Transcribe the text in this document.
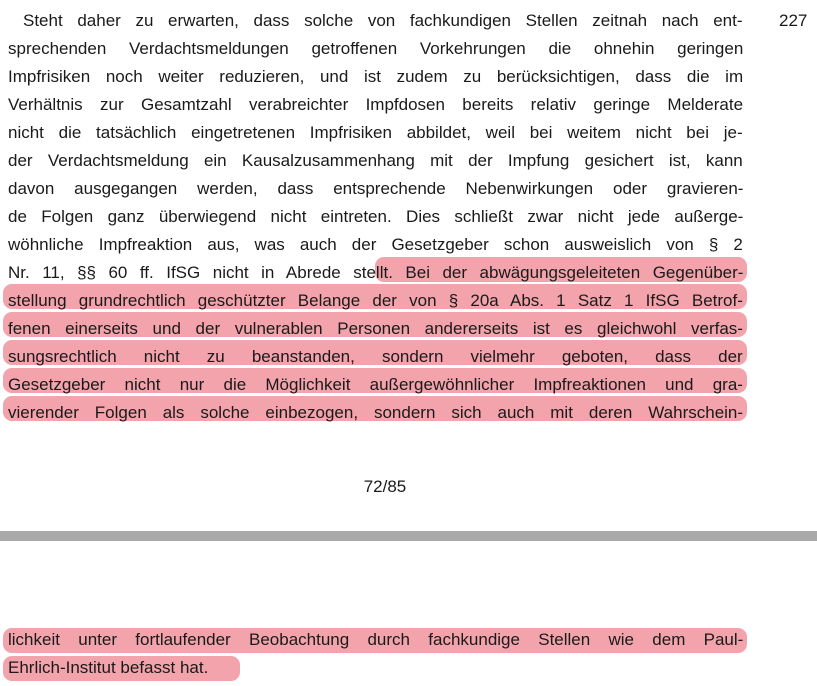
227
Steht daher zu erwarten, dass solche von fachkundigen Stellen zeitnah nach ent-
sprechenden Verdachtsmeldungen getroffenen Vorkehrungen die ohnehin geringen
Impfrisiken noch weiter reduzieren, und ist zudem zu berücksichtigen, dass die im
Verhältnis zur Gesamtzahl verabreichter Impfdosen bereits relativ geringe Melderate
nicht die tatsächlich eingetretenen Impfrisiken abbildet, weil bei weitem nicht bei je-
der Verdachtsmeldung ein Kausalzusammenhang mit der Impfung gesichert ist, kann
davon ausgegangen werden, dass entsprechende Nebenwirkungen oder gravieren-
de Folgen ganz überwiegend nicht eintreten. Dies schließt zwar nicht jede außerge-
wöhnliche Impfreaktion aus, was auch der Gesetzgeber schon ausweislich von § 2
Nr. 11, §§ 60 ff. IfSG nicht in Abrede stellt. Bei der abwägungsgeleiteten Gegenüber-
stellung grundrechtlich geschützter Belange der von § 20a Abs. 1 Satz 1 IfSG Betrof-
fenen einerseits und der vulnerablen Personen andererseits ist es gleichwohl verfas-
sungsrechtlich nicht zu beanstanden, sondern vielmehr geboten, dass der
Gesetzgeber nicht nur die Möglichkeit außergewöhnlicher Impfreaktionen und gra-
vierender Folgen als solche einbezogen, sondern sich auch mit deren Wahrschein-
72/85
lichkeit unter fortlaufender Beobachtung durch fachkundige Stellen wie dem Paul-
Ehrlich-Institut befasst hat.
